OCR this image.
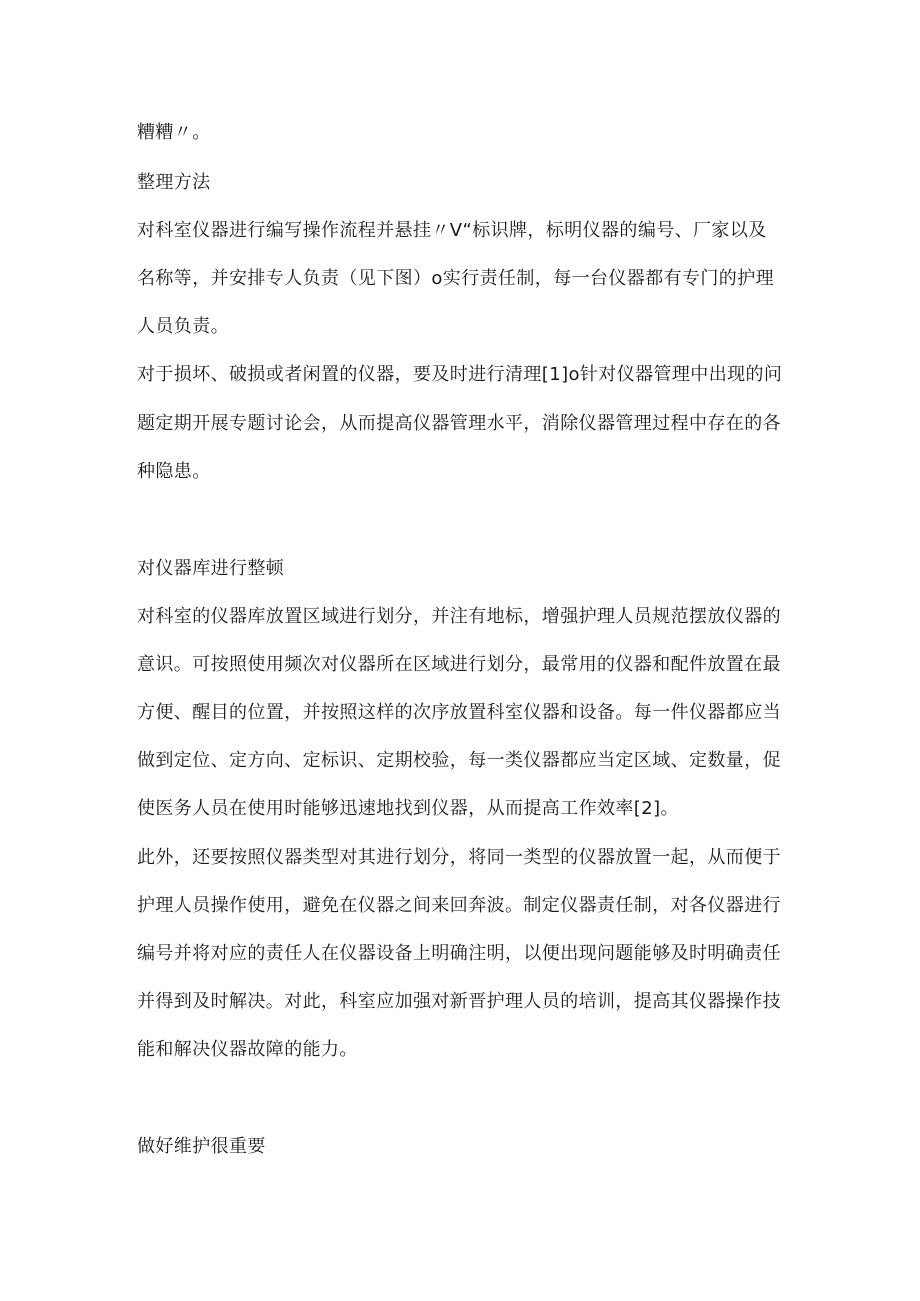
糟糟〃。
整理方法
对科室仪器进行编写操作流程并悬挂〃V“标识牌，标明仪器的编号、厂家以及
名称等，并安排专人负责（见下图）o实行责任制，每一台仪器都有专门的护理
人员负责。
对于损坏、破损或者闲置的仪器，要及时进行清理[1]o针对仪器管理中出现的问
题定期开展专题讨论会，从而提高仪器管理水平，消除仪器管理过程中存在的各
种隐患。
对仪器库进行整顿
对科室的仪器库放置区域进行划分，并注有地标，增强护理人员规范摆放仪器的
意识。可按照使用频次对仪器所在区域进行划分，最常用的仪器和配件放置在最
方便、醒目的位置，并按照这样的次序放置科室仪器和设备。每一件仪器都应当
做到定位、定方向、定标识、定期校验，每一类仪器都应当定区域、定数量，促
使医务人员在使用时能够迅速地找到仪器，从而提高工作效率[2]。
此外，还要按照仪器类型对其进行划分，将同一类型的仪器放置一起，从而便于
护理人员操作使用，避免在仪器之间来回奔波。制定仪器责任制，对各仪器进行
编号并将对应的责任人在仪器设备上明确注明，以便出现问题能够及时明确责任
并得到及时解决。对此，科室应加强对新晋护理人员的培训，提高其仪器操作技
能和解决仪器故障的能力。
做好维护很重要
